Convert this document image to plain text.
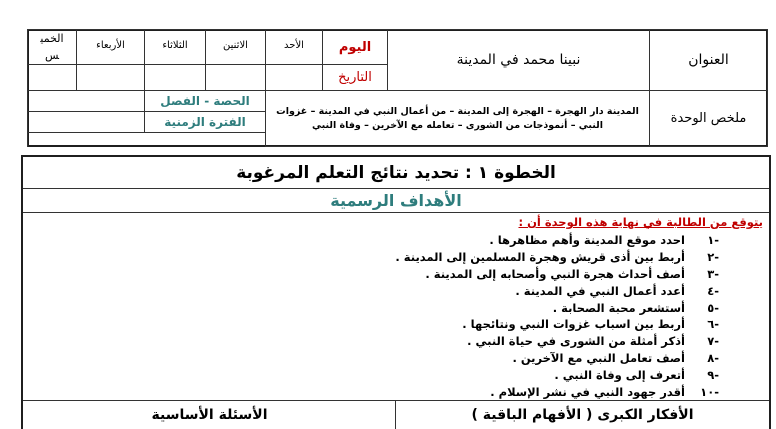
العنوان
نبينا محمد في المدينة
اليوم
التاريخ
الأحد
الاثنين
الثلاثاء
الأربعاء
الخميس
ملخص الوحدة
المدينة دار الهجرة – الهجرة إلى المدينة – من أعمال النبي في المدينة – غزوات النبي – أنموذجات من الشورى – تعامله مع الآخرين – وفاة النبي
الحصة - الفصل
الفترة الزمنية
الخطوة ١ : تحديد نتائج التعلم المرغوبة
الأهداف الرسمية
يتوقع من الطالبة في نهاية هذه الوحدة أن :
-١ احدد موقع المدينة وأهم مظاهرها .
-٢ أربط بين أذى قريش وهجرة المسلمين إلى المدينة .
-٣ أصف أحداث هجرة النبي وأصحابه إلى المدينة .
-٤ أعدد أعمال النبي في المدينة .
-٥ أستشعر محبة الصحابة .
-٦ أربط بين اسباب غزوات النبي ونتائجها .
-٧ أذكر أمثلة من الشورى في حياة النبي .
-٨ أصف تعامل النبي مع الآخرين .
-٩ أتعرف إلى وفاة النبي .
-١٠ أقدر جهود النبي في نشر الإسلام .
الأفكار الكبرى ( الأفهام الباقية )
الأسئلة الأساسية
